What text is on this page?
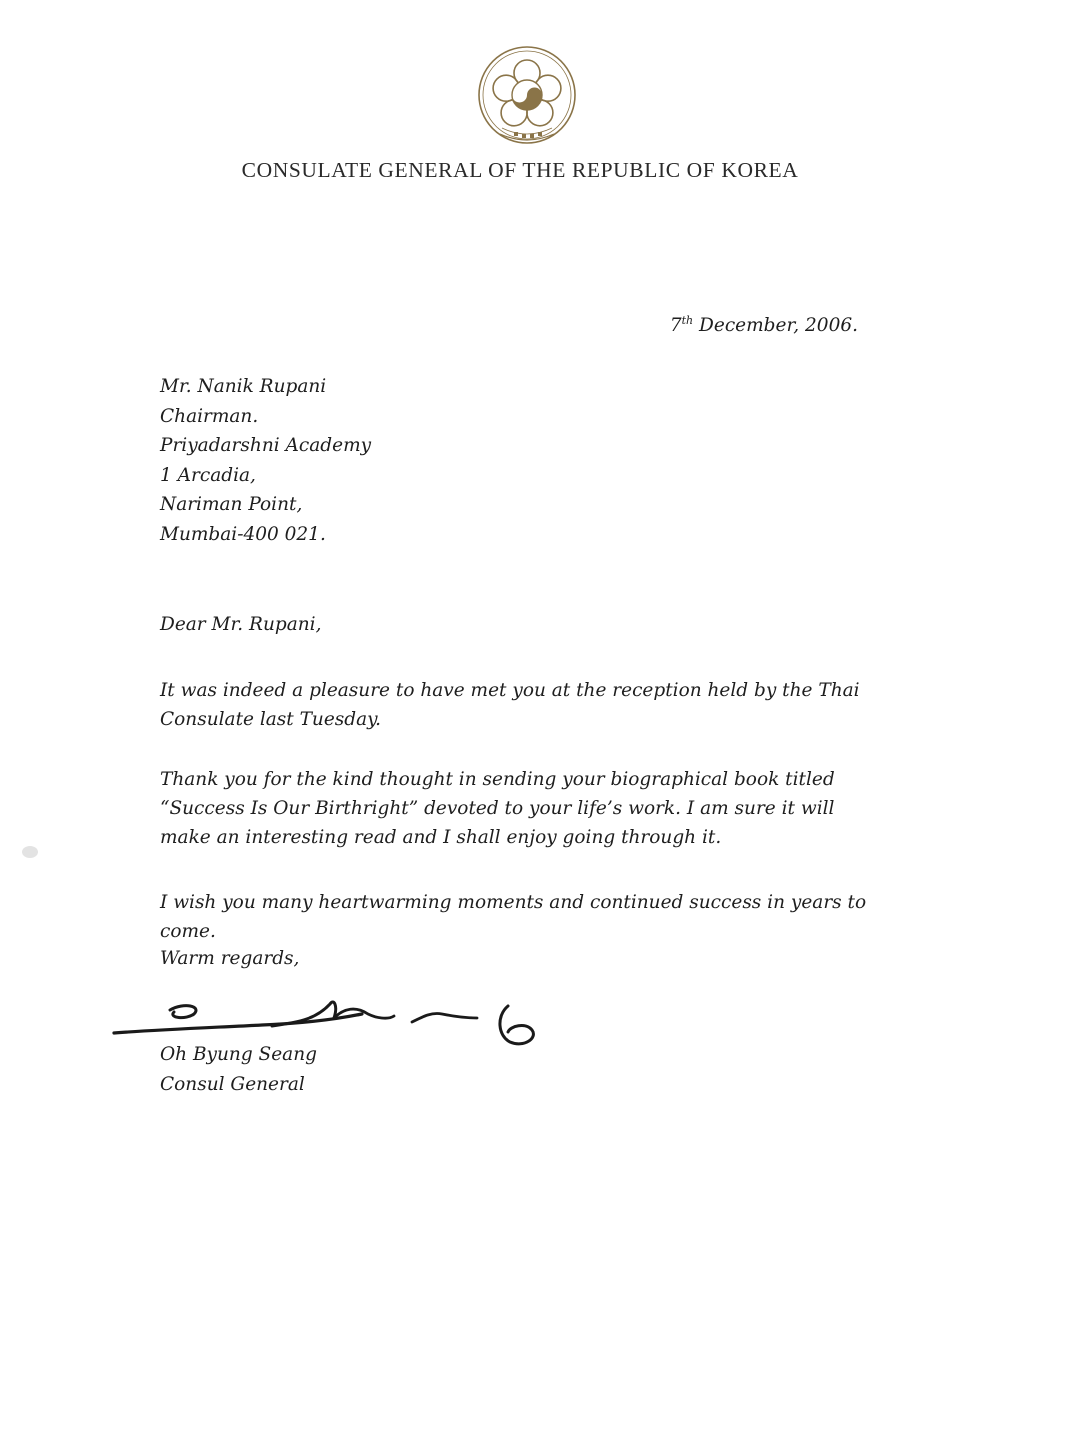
CONSULATE GENERAL OF THE REPUBLIC OF KOREA
7th December, 2006.
Mr. Nanik Rupani
Chairman.
Priyadarshni Academy
1 Arcadia,
Nariman Point,
Mumbai-400 021.
Dear Mr. Rupani,

It was indeed a pleasure to have met you at the reception held by the Thai Consulate last Tuesday.

Thank you for the kind thought in sending your biographical book titled “Success Is Our Birthright” devoted to your life’s work. I am sure it will make an interesting read and I shall enjoy going through it.

I wish you many heartwarming moments and continued success in years to come.

Warm regards,
Oh Byung Seang
Consul General
